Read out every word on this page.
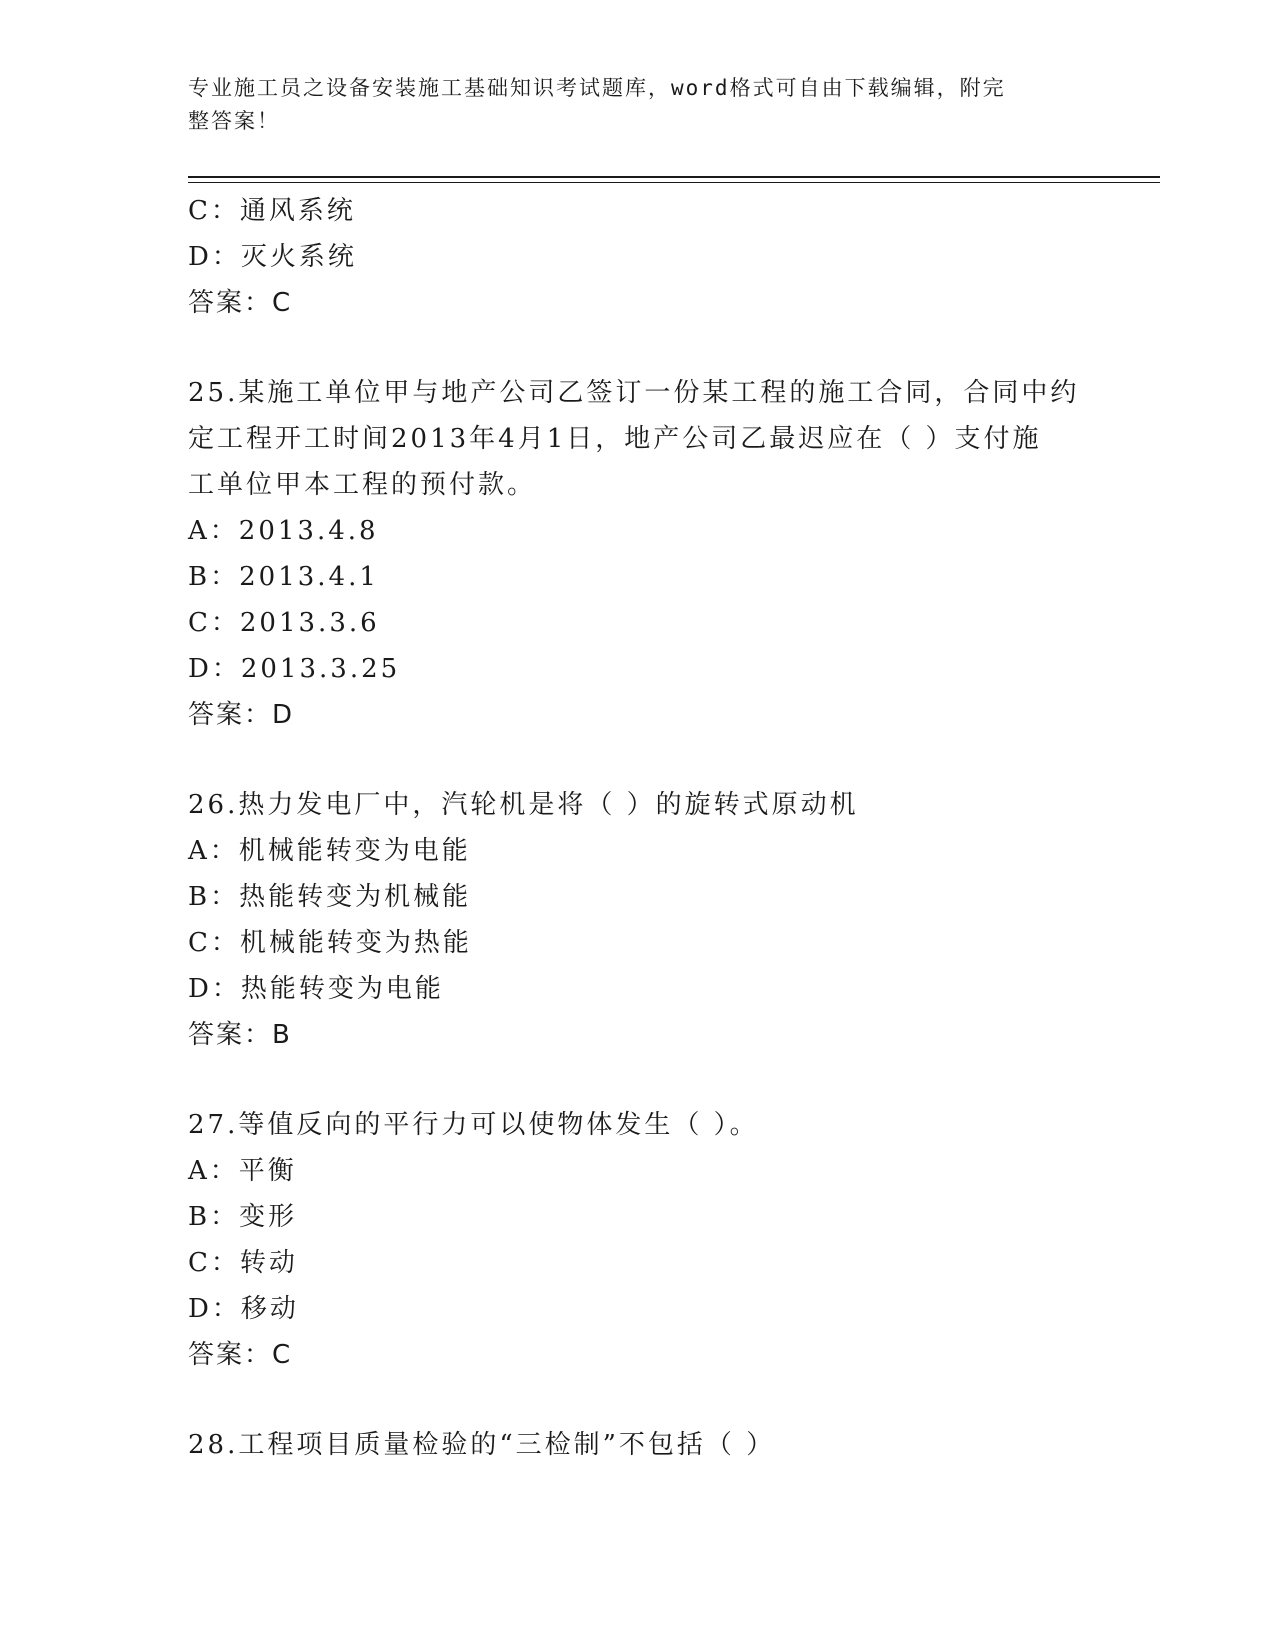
专业施工员之设备安装施工基础知识考试题库，word格式可自由下载编辑，附完
整答案！
C：通风系统
D：灭火系统
答案：C
25.某施工单位甲与地产公司乙签订一份某工程的施工合同，合同中约
定工程开工时间2013年4月1日，地产公司乙最迟应在（ ）支付施
工单位甲本工程的预付款。
A：2013.4.8
B：2013.4.1
C：2013.3.6
D：2013.3.25
答案：D
26.热力发电厂中，汽轮机是将（ ）的旋转式原动机
A：机械能转变为电能
B：热能转变为机械能
C：机械能转变为热能
D：热能转变为电能
答案：B
27.等值反向的平行力可以使物体发生（ ）。
A：平衡
B：变形
C：转动
D：移动
答案：C
28.工程项目质量检验的“三检制”不包括（ ）
